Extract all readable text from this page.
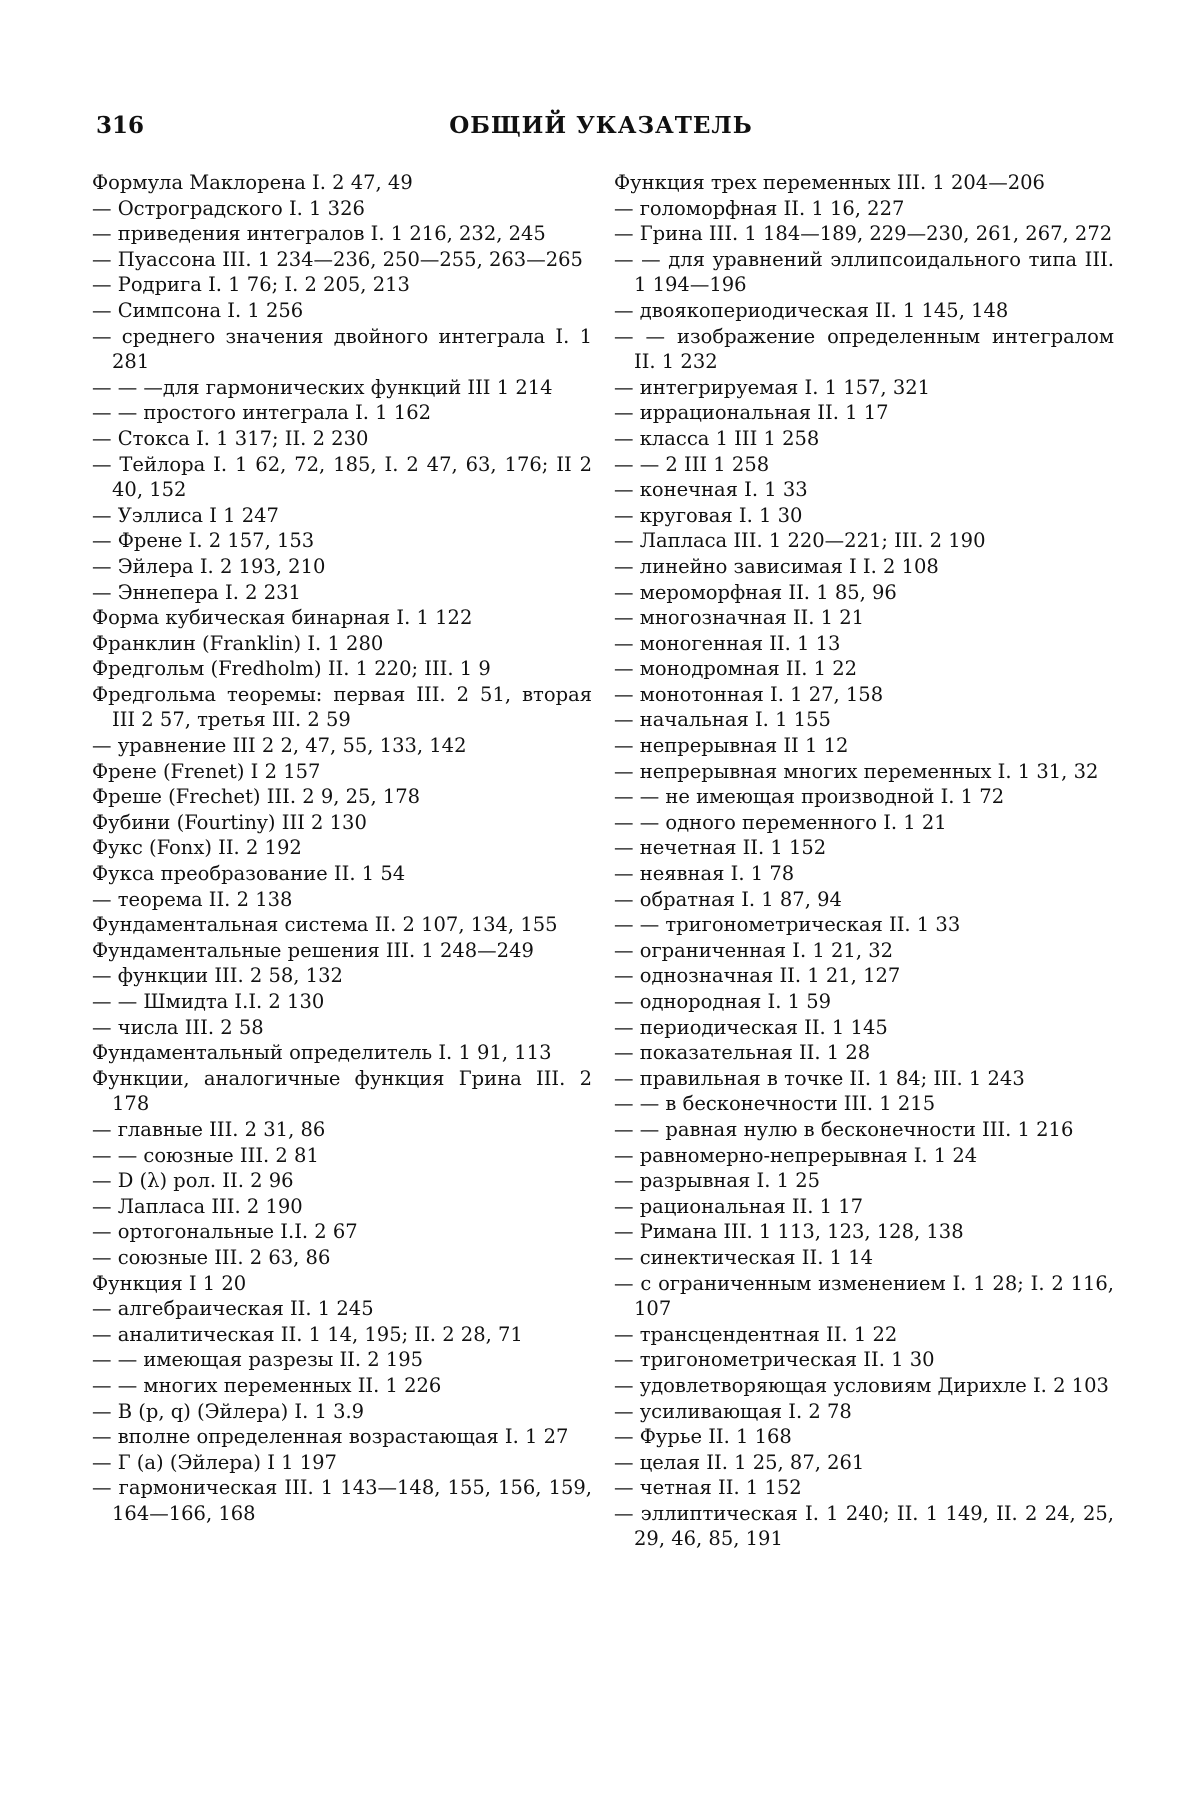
316	ОБЩИЙ УКАЗАТЕЛЬ
Формула Маклорена I. 2 47, 49
— Остроградского I. 1 326
— приведения интегралов I. 1 216, 232, 245
— Пуассона III. 1 234—236, 250—255, 263—265
— Родрига I. 1 76; I. 2 205, 213
— Симпсона I. 1 256
— среднего значения двойного интеграла I. 1 281
— — —для гармонических функций III 1 214
— — простого интеграла I. 1 162
— Стокса I. 1 317; II. 2 230
— Тейлора I. 1 62, 72, 185, I. 2 47, 63, 176; II 2 40, 152
— Уэллиса I 1 247
— Френе I. 2 157, 153
— Эйлера I. 2 193, 210
— Эннепера I. 2 231
Форма кубическая бинарная I. 1 122
Франклин (Franklin) I. 1 280
Фредгольм (Fredholm) II. 1 220; III. 1 9
Фредгольма теоремы: первая III. 2 51, вторая III 2 57, третья III. 2 59
— уравнение III 2 2, 47, 55, 133, 142
Френе (Frenet) I 2 157
Фреше (Frechet) III. 2 9, 25, 178
Фубини (Fourtiny) III 2 130
Фукс (Fonx) II. 2 192
Фукса преобразование II. 1 54
— теорема II. 2 138
Фундаментальная система II. 2 107, 134, 155
Фундаментальные решения III. 1 248—249
— функции III. 2 58, 132
— — Шмидта I.I. 2 130
— числа III. 2 58
Фундаментальный определитель I. 1 91, 113
Функции, аналогичные функция Грина III. 2 178
— главные III. 2 31, 86
— — союзные III. 2 81
— D (λ) рол. II. 2 96
— Лапласа III. 2 190
— ортогональные I.I. 2 67
— союзные III. 2 63, 86
Функция I 1 20
— алгебраическая II. 1 245
— аналитическая II. 1 14, 195; II. 2 28, 71
— — имеющая разрезы II. 2 195
— — многих переменных II. 1 226
— B (p, q) (Эйлера) I. 1 3.9
— вполне определенная возрастающая I. 1 27
— Г (a) (Эйлера) I 1 197
— гармоническая III. 1 143—148, 155, 156, 159, 164—166, 168
Функция трех переменных III. 1 204—206
— голоморфная II. 1 16, 227
— Грина III. 1 184—189, 229—230, 261, 267, 272
— — для уравнений эллипсоидального типа III. 1 194—196
— двоякопериодическая II. 1 145, 148
— — изображение определенным интегралом II. 1 232
— интегрируемая I. 1 157, 321
— иррациональная II. 1 17
— класса 1 III 1 258
— — 2 III 1 258
— конечная I. 1 33
— круговая I. 1 30
— Лапласа III. 1 220—221; III. 2 190
— линейно зависимая I I. 2 108
— мероморфная II. 1 85, 96
— многозначная II. 1 21
— моногенная II. 1 13
— монодромная II. 1 22
— монотонная I. 1 27, 158
— начальная I. 1 155
— непрерывная II 1 12
— непрерывная многих переменных I. 1 31, 32
— — не имеющая производной I. 1 72
— — одного переменного I. 1 21
— нечетная II. 1 152
— неявная I. 1 78
— обратная I. 1 87, 94
— — тригонометрическая II. 1 33
— ограниченная I. 1 21, 32
— однозначная II. 1 21, 127
— однородная I. 1 59
— периодическая II. 1 145
— показательная II. 1 28
— правильная в точке II. 1 84; III. 1 243
— — в бесконечности III. 1 215
— — равная нулю в бесконечности III. 1 216
— равномерно-непрерывная I. 1 24
— разрывная I. 1 25
— рациональная II. 1 17
— Римана III. 1 113, 123, 128, 138
— синектическая II. 1 14
— с ограниченным изменением I. 1 28; I. 2 116, 107
— трансцендентная II. 1 22
— тригонометрическая II. 1 30
— удовлетворяющая условиям Дирихле I. 2 103
— усиливающая I. 2 78
— Фурье II. 1 168
— целая II. 1 25, 87, 261
— четная II. 1 152
— эллиптическая I. 1 240; II. 1 149, II. 2 24, 25, 29, 46, 85, 191
